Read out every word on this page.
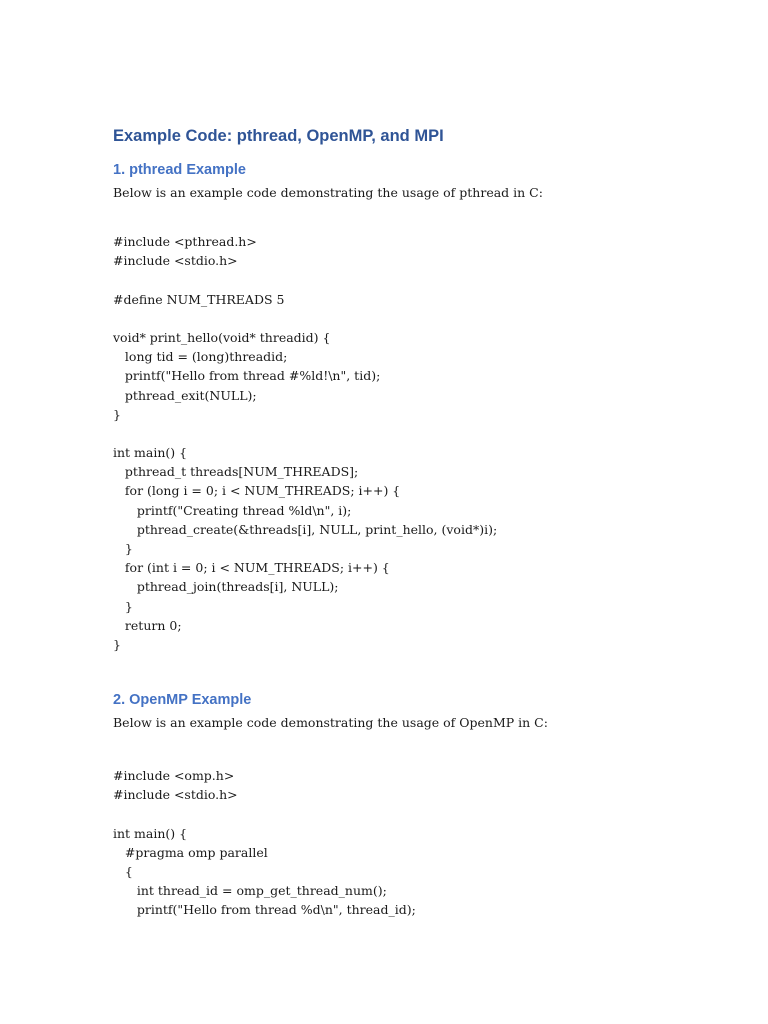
Example Code: pthread, OpenMP, and MPI
1. pthread Example

Below is an example code demonstrating the usage of pthread in C:

#include <pthread.h>
#include <stdio.h>
#define NUM_THREADS 5
void* print_hello(void* threadid) {
long tid = (long)threadid;
printf("Hello from thread #%ld!\n", tid);
pthread_exit(NULL);
}
int main() {
pthread_t threads[NUM_THREADS];
for (long i = 0; i < NUM_THREADS; i++) {
printf("Creating thread %ld\n", i);
pthread_create(&threads[i], NULL, print_hello, (void*)i);
}
for (int i = 0; i < NUM_THREADS; i++) {
pthread_join(threads[i], NULL);
}
return 0;
}
2. OpenMP Example

Below is an example code demonstrating the usage of OpenMP in C:

#include <omp.h>
#include <stdio.h>
int main() {
#pragma omp parallel
{
int thread_id = omp_get_thread_num();
printf("Hello from thread %d\n", thread_id);
